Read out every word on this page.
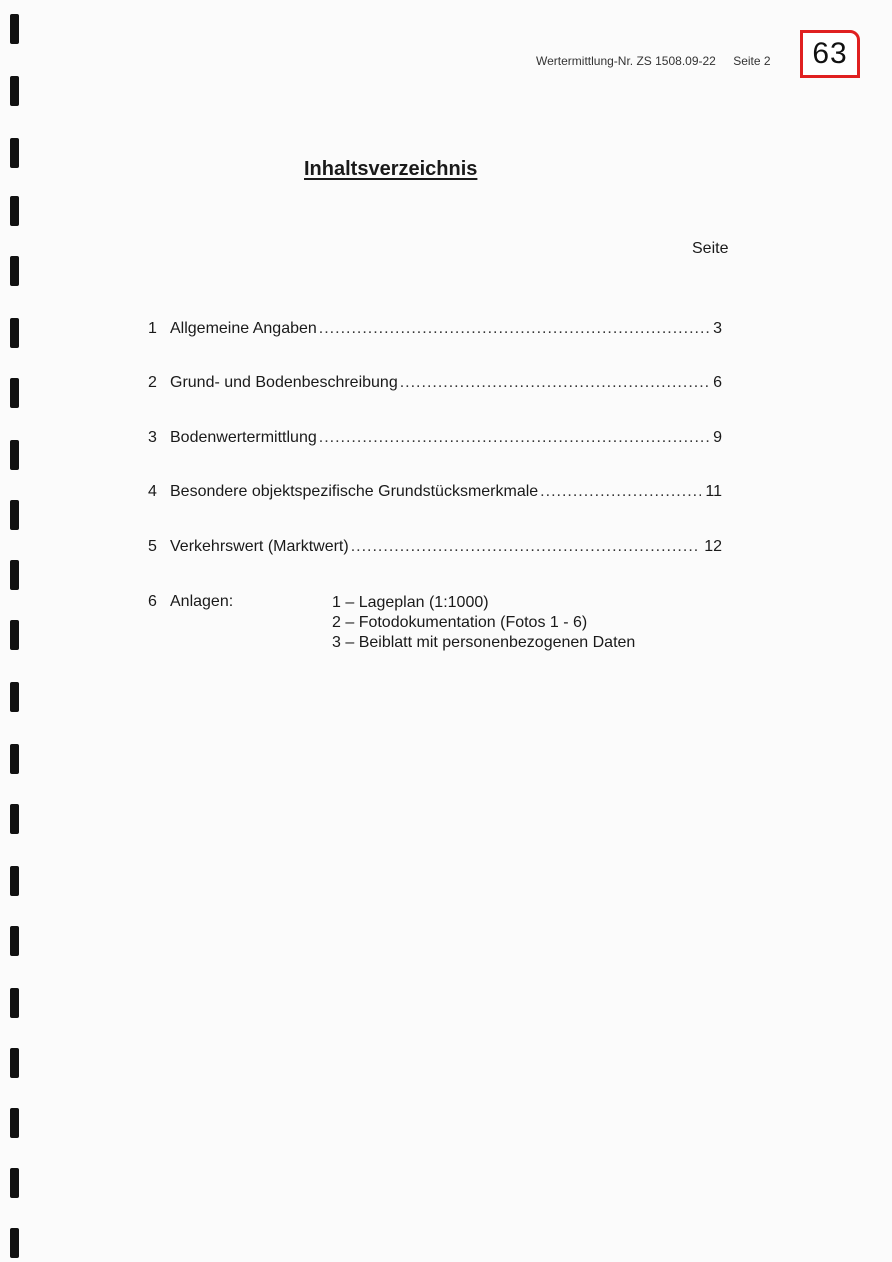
Wertermittlung-Nr. ZS 1508.09-22 Seite 2 63
Inhaltsverzeichnis
Seite
1 Allgemeine Angaben .....	3
2 Grund- und Bodenbeschreibung .....	6
3 Bodenwertermittlung .....	9
4 Besondere objektspezifische Grundstücksmerkmale .....	11
5 Verkehrswert (Marktwert) .....	12
6 Anlagen:	1 – Lageplan (1:1000)
2 – Fotodokumentation (Fotos 1 - 6)
3 – Beiblatt mit personenbezogenen Daten
